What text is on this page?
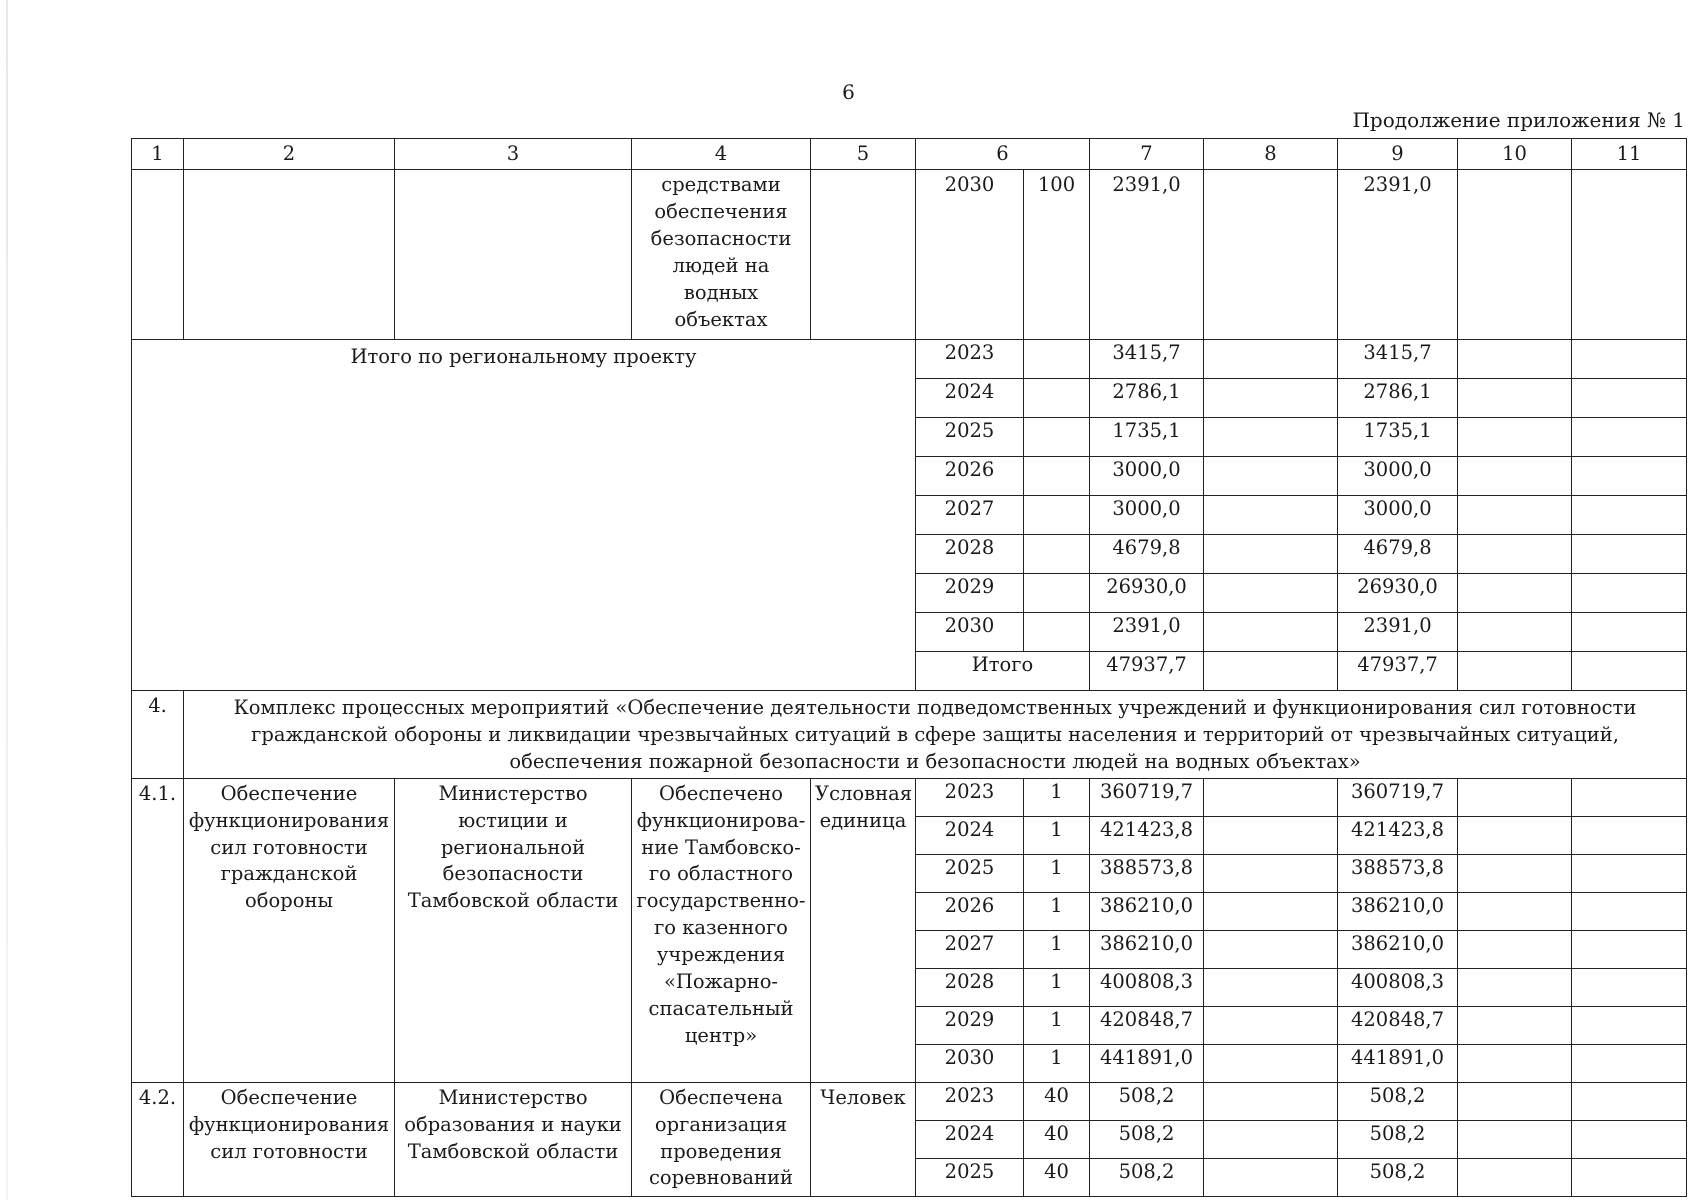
6
Продолжение приложения № 1
1	2	3	4	5	6		7	8	9	10	11
			средствами обеспечения безопасности людей на водных объектах		2030	100	2391,0		2391,0		
Итого по региональному проекту					2023		3415,7		3415,7		
					2024		2786,1		2786,1		
					2025		1735,1		1735,1		
					2026		3000,0		3000,0		
					2027		3000,0		3000,0		
					2028		4679,8		4679,8		
					2029		26930,0		26930,0		
					2030		2391,0		2391,0		
					Итого		47937,7		47937,7		
4.	Комплекс процессных мероприятий «Обеспечение деятельности подведомственных учреждений и функционирования сил готовности гражданской обороны и ликвидации чрезвычайных ситуаций в сфере защиты населения и территорий от чрезвычайных ситуаций, обеспечения пожарной безопасности и безопасности людей на водных объектах»										
4.1.	Обеспечение функционирования сил готовности гражданской обороны	Министерство юстиции и региональной безопасности Тамбовской области	Обеспечено функционирова-ние Тамбовско-го областного государственно-го казенного учреждения «Пожарно-спасательный центр»	Условная единица	2023	1	360719,7		360719,7		
					2024	1	421423,8		421423,8		
					2025	1	388573,8		388573,8		
					2026	1	386210,0		386210,0		
					2027	1	386210,0		386210,0		
					2028	1	400808,3		400808,3		
					2029	1	420848,7		420848,7		
					2030	1	441891,0		441891,0		
4.2.	Обеспечение функционирования сил готовности	Министерство образования и науки Тамбовской области	Обеспечена организация проведения соревнований	Человек	2023	40	508,2		508,2		
					2024	40	508,2		508,2		
					2025	40	508,2		508,2		
